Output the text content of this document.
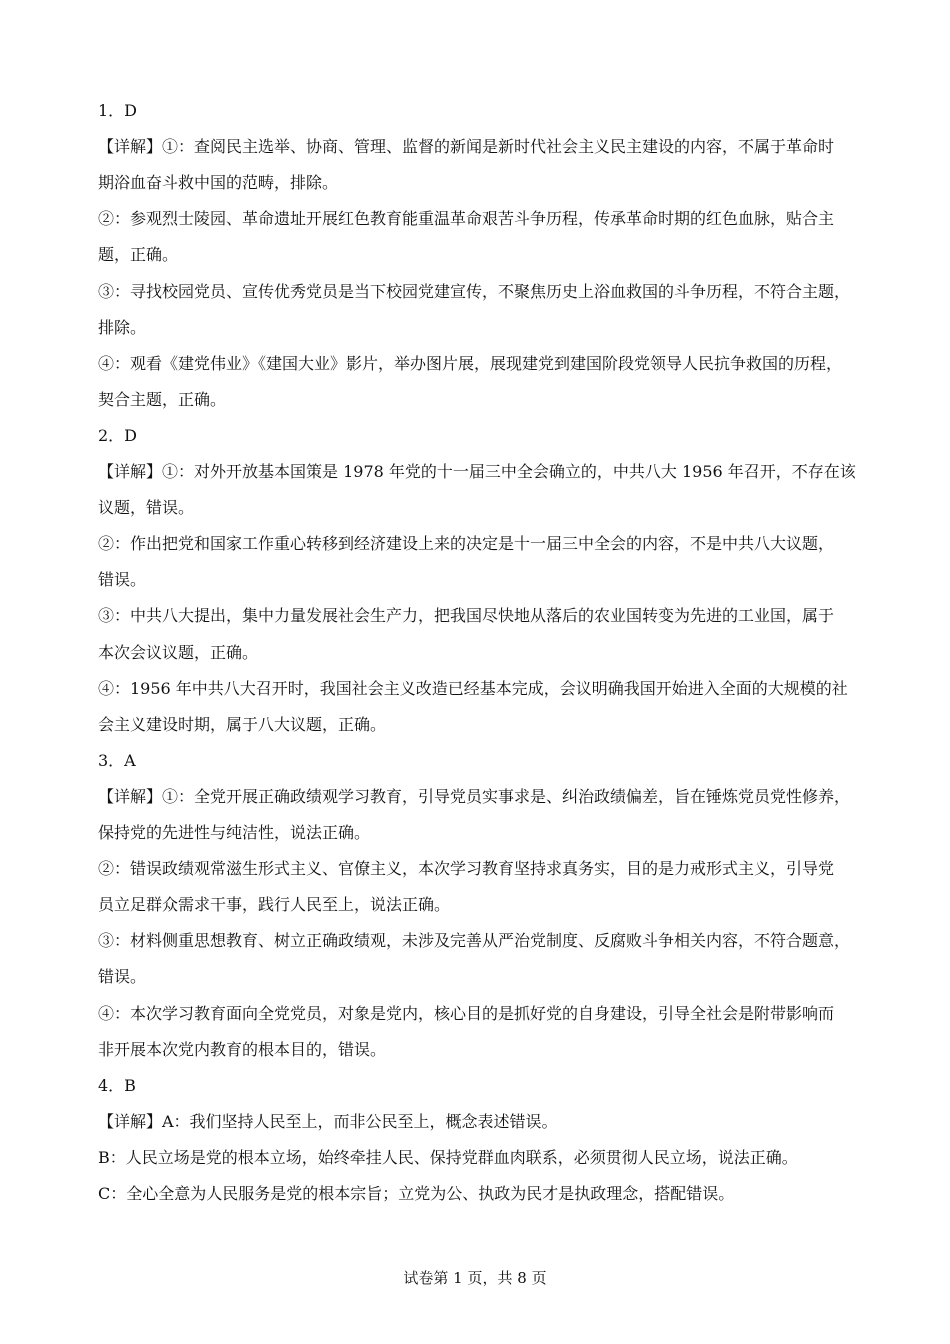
1．D
【详解】①：查阅民主选举、协商、管理、监督的新闻是新时代社会主义民主建设的内容，不属于革命时
期浴血奋斗救中国的范畴，排除。
②：参观烈士陵园、革命遗址开展红色教育能重温革命艰苦斗争历程，传承革命时期的红色血脉，贴合主
题，正确。
③：寻找校园党员、宣传优秀党员是当下校园党建宣传，不聚焦历史上浴血救国的斗争历程，不符合主题，
排除。
④：观看《建党伟业》《建国大业》影片，举办图片展，展现建党到建国阶段党领导人民抗争救国的历程，
契合主题，正确。
2．D
【详解】①：对外开放基本国策是 1978 年党的十一届三中全会确立的，中共八大 1956 年召开，不存在该
议题，错误。
②：作出把党和国家工作重心转移到经济建设上来的决定是十一届三中全会的内容，不是中共八大议题，
错误。
③：中共八大提出，集中力量发展社会生产力，把我国尽快地从落后的农业国转变为先进的工业国，属于
本次会议议题，正确。
④：1956 年中共八大召开时，我国社会主义改造已经基本完成，会议明确我国开始进入全面的大规模的社
会主义建设时期，属于八大议题，正确。
3．A
【详解】①：全党开展正确政绩观学习教育，引导党员实事求是、纠治政绩偏差，旨在锤炼党员党性修养，
保持党的先进性与纯洁性，说法正确。
②：错误政绩观常滋生形式主义、官僚主义，本次学习教育坚持求真务实，目的是力戒形式主义，引导党
员立足群众需求干事，践行人民至上，说法正确。
③：材料侧重思想教育、树立正确政绩观，未涉及完善从严治党制度、反腐败斗争相关内容，不符合题意，
错误。
④：本次学习教育面向全党党员，对象是党内，核心目的是抓好党的自身建设，引导全社会是附带影响而
非开展本次党内教育的根本目的，错误。
4．B
【详解】A：我们坚持人民至上，而非公民至上，概念表述错误。
B：人民立场是党的根本立场，始终牵挂人民、保持党群血肉联系，必须贯彻人民立场，说法正确。
C：全心全意为人民服务是党的根本宗旨；立党为公、执政为民才是执政理念，搭配错误。
试卷第 1 页，共 8 页
